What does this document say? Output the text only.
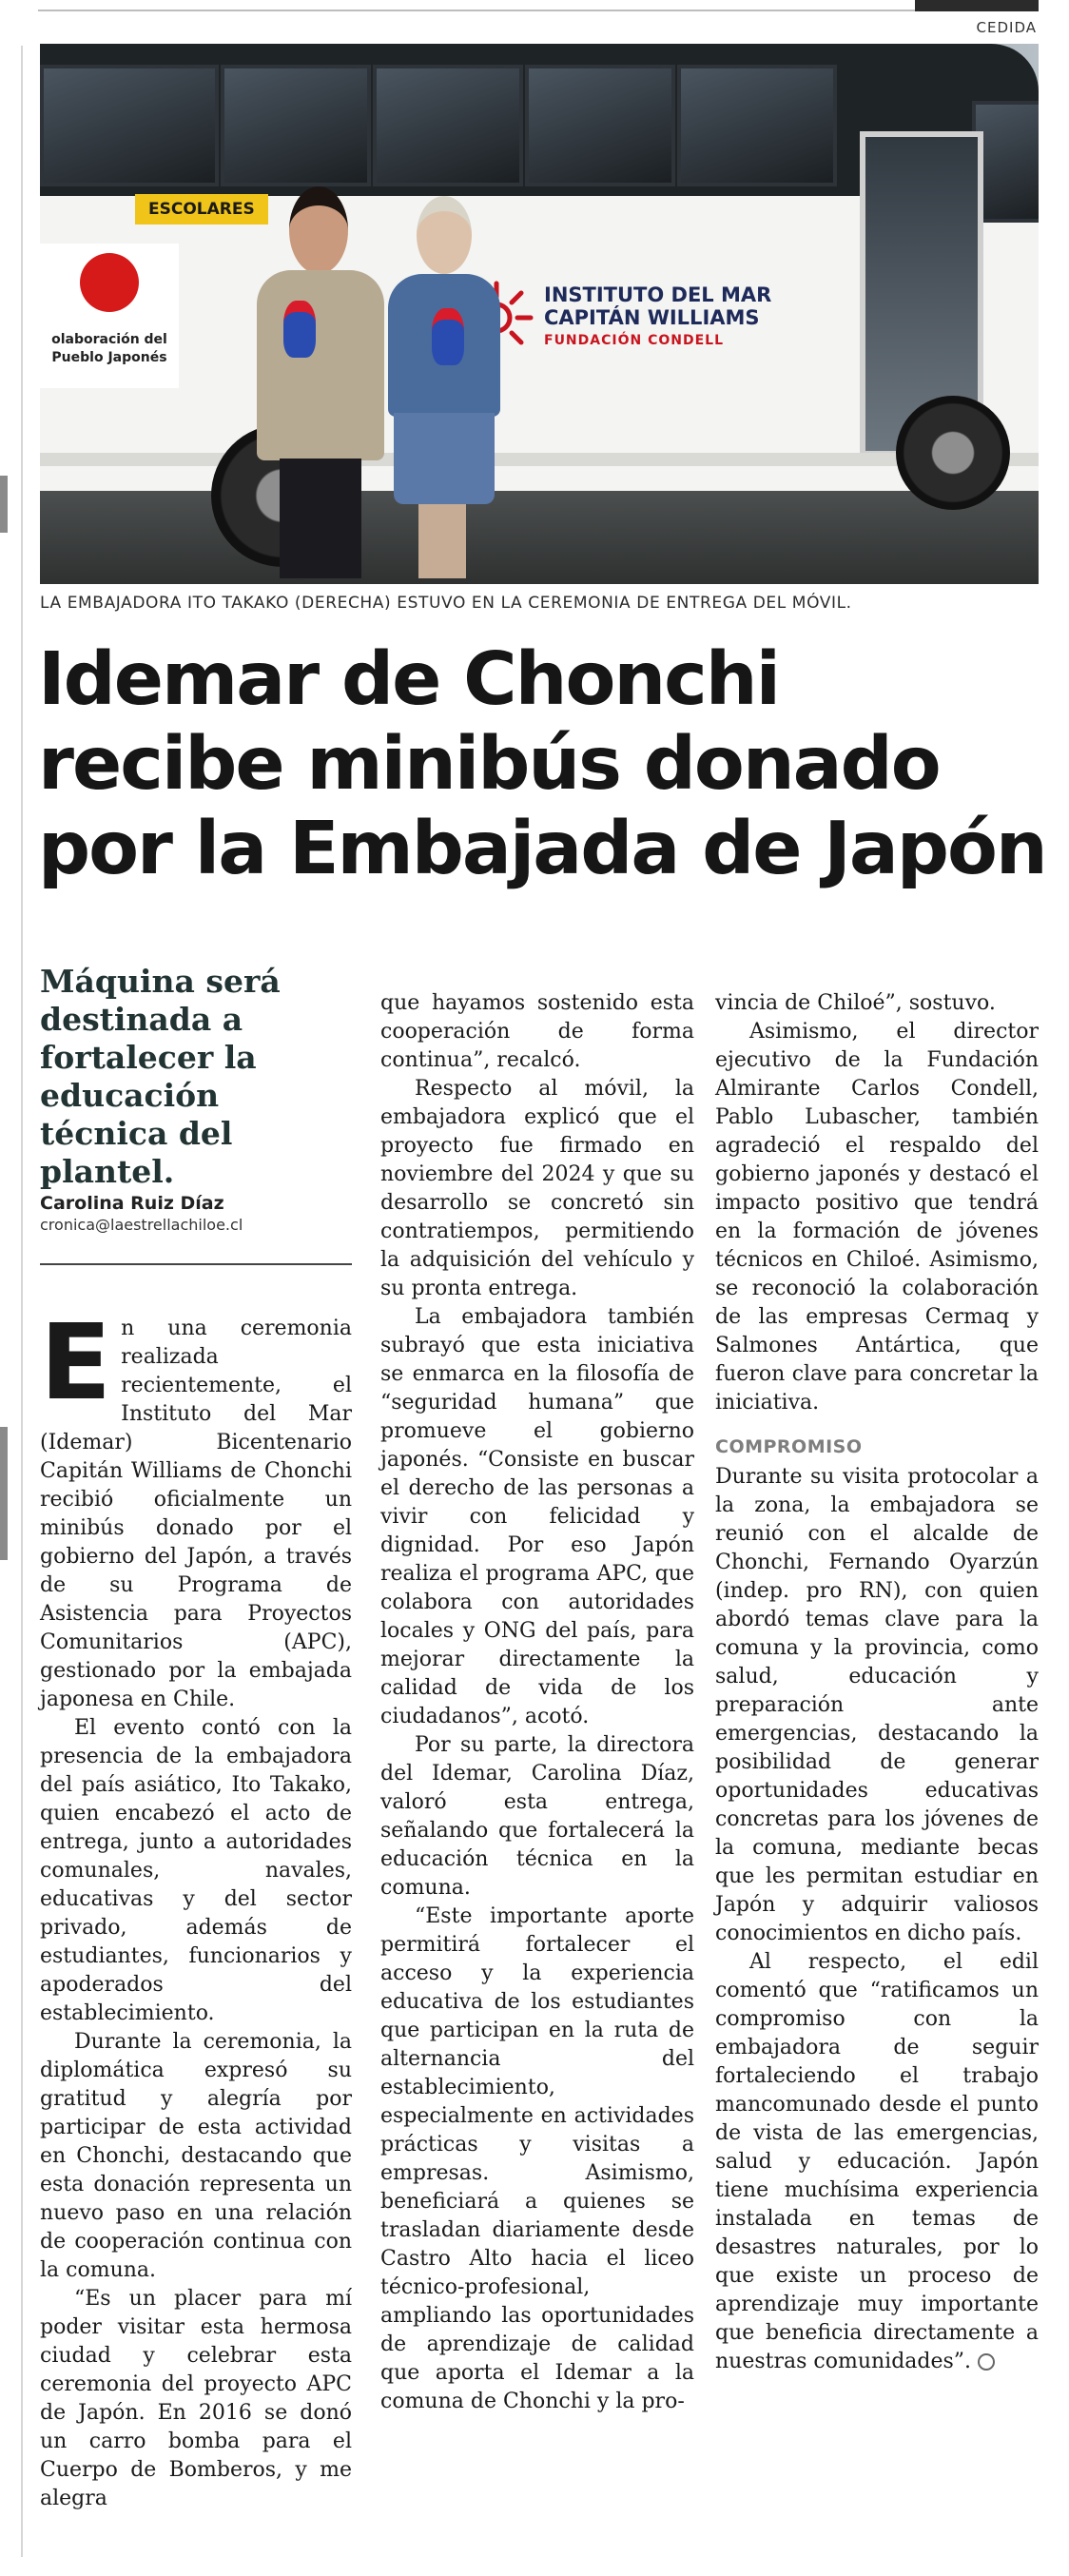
CEDIDA
ESCOLARES
olaboración del Pueblo Japonés
INSTITUTO DEL MAR
CAPITÁN WILLIAMS
FUNDACIÓN CONDELL
LA EMBAJADORA ITO TAKAKO (DERECHA) ESTUVO EN LA CEREMONIA DE ENTREGA DEL MÓVIL.
Idemar de Chonchi recibe minibús donado por la Embajada de Japón
Máquina será destinada a fortalecer la educación técnica del plantel.
Carolina Ruiz Díaz
cronica@laestrellachiloe.cl

En una ceremonia realizada recientemente, el Instituto del Mar (Idemar) Bicentenario Capitán Williams de Chonchi recibió oficialmente un minibús donado por el gobierno del Japón, a través de su Programa de Asistencia para Proyectos Comunitarios (APC), gestionado por la embajada japonesa en Chile.

El evento contó con la presencia de la embajadora del país asiático, Ito Takako, quien encabezó el acto de entrega, junto a autoridades comunales, navales, educativas y del sector privado, además de estudiantes, funcionarios y apoderados del establecimiento.

Durante la ceremonia, la diplomática expresó su gratitud y alegría por participar de esta actividad en Chonchi, destacando que esta donación representa un nuevo paso en una relación de cooperación continua con la comuna.

“Es un placer para mí poder visitar esta hermosa ciudad y celebrar esta ceremonia del proyecto APC de Japón. En 2016 se donó un carro bomba para el Cuerpo de Bomberos, y me alegra

que hayamos sostenido esta cooperación de forma continua”, recalcó.

Respecto al móvil, la embajadora explicó que el proyecto fue firmado en noviembre del 2024 y que su desarrollo se concretó sin contratiempos, permitiendo la adquisición del vehículo y su pronta entrega.

La embajadora también subrayó que esta iniciativa se enmarca en la filosofía de “seguridad humana” que promueve el gobierno japonés. “Consiste en buscar el derecho de las personas a vivir con felicidad y dignidad. Por eso Japón realiza el programa APC, que colabora con autoridades locales y ONG del país, para mejorar directamente la calidad de vida de los ciudadanos”, acotó.

Por su parte, la directora del Idemar, Carolina Díaz, valoró esta entrega, señalando que fortalecerá la educación técnica en la comuna.

“Este importante aporte permitirá fortalecer el acceso y la experiencia educativa de los estudiantes que participan en la ruta de alternancia del establecimiento, especialmente en actividades prácticas y visitas a empresas. Asimismo, beneficiará a quienes se trasladan diariamente desde Castro Alto hacia el liceo técnico-profesional, ampliando las oportunidades de aprendizaje de calidad que aporta el Idemar a la comuna de Chonchi y la pro-

vincia de Chiloé”, sostuvo.

Asimismo, el director ejecutivo de la Fundación Almirante Carlos Condell, Pablo Lubascher, también agradeció el respaldo del gobierno japonés y destacó el impacto positivo que tendrá en la formación de jóvenes técnicos en Chiloé. Asimismo, se reconoció la colaboración de las empresas Cermaq y Salmones Antártica, que fueron clave para concretar la iniciativa.

COMPROMISO

Durante su visita protocolar a la zona, la embajadora se reunió con el alcalde de Chonchi, Fernando Oyarzún (indep. pro RN), con quien abordó temas clave para la comuna y la provincia, como salud, educación y preparación ante emergencias, destacando la posibilidad de generar oportunidades educativas concretas para los jóvenes de la comuna, mediante becas que les permitan estudiar en Japón y adquirir valiosos conocimientos en dicho país.

Al respecto, el edil comentó que “ratificamos un compromiso con la embajadora de seguir fortaleciendo el trabajo mancomunado desde el punto de vista de las emergencias, salud y educación. Japón tiene muchísima experiencia instalada en temas de desastres naturales, por lo que existe un proceso de aprendizaje muy importante que beneficia directamente a nuestras comunidades”.
